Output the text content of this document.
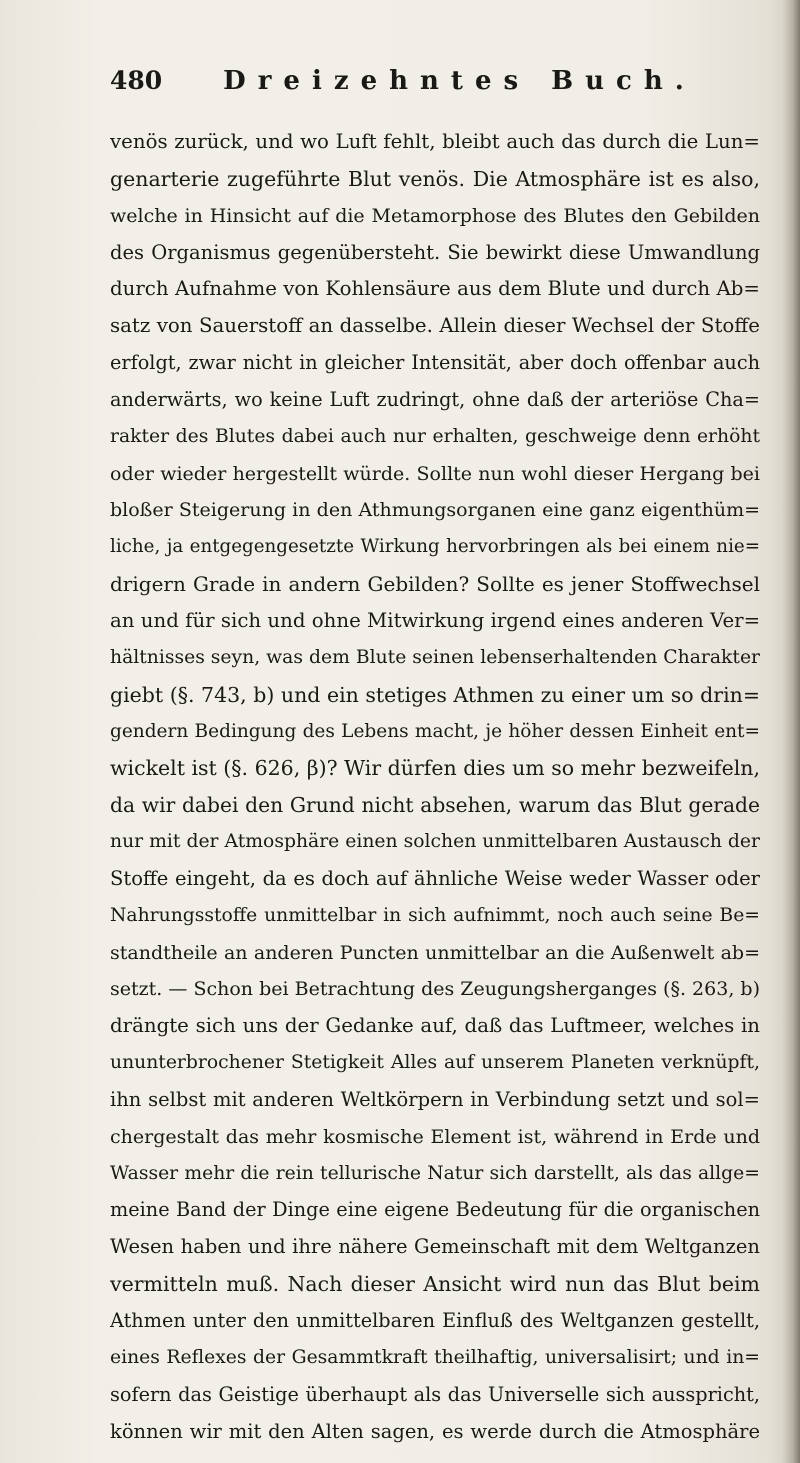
480 Dreizehntes Buch.
venös zurück, und wo Luft fehlt, bleibt auch das durch die Lun=
genarterie zugeführte Blut venös. Die Atmosphäre ist es also,
welche in Hinsicht auf die Metamorphose des Blutes den Gebilden
des Organismus gegenübersteht. Sie bewirkt diese Umwandlung
durch Aufnahme von Kohlensäure aus dem Blute und durch Ab=
satz von Sauerstoff an dasselbe. Allein dieser Wechsel der Stoffe
erfolgt, zwar nicht in gleicher Intensität, aber doch offenbar auch
anderwärts, wo keine Luft zudringt, ohne daß der arteriöse Cha=
rakter des Blutes dabei auch nur erhalten, geschweige denn erhöht
oder wieder hergestellt würde. Sollte nun wohl dieser Hergang bei
bloßer Steigerung in den Athmungsorganen eine ganz eigenthüm=
liche, ja entgegengesetzte Wirkung hervorbringen als bei einem nie=
drigern Grade in andern Gebilden? Sollte es jener Stoffwechsel
an und für sich und ohne Mitwirkung irgend eines anderen Ver=
hältnisses seyn, was dem Blute seinen lebenserhaltenden Charakter
giebt (§. 743, b) und ein stetiges Athmen zu einer um so drin=
gendern Bedingung des Lebens macht, je höher dessen Einheit ent=
wickelt ist (§. 626, β)? Wir dürfen dies um so mehr bezweifeln,
da wir dabei den Grund nicht absehen, warum das Blut gerade
nur mit der Atmosphäre einen solchen unmittelbaren Austausch der
Stoffe eingeht, da es doch auf ähnliche Weise weder Wasser oder
Nahrungsstoffe unmittelbar in sich aufnimmt, noch auch seine Be=
standtheile an anderen Puncten unmittelbar an die Außenwelt ab=
setzt. — Schon bei Betrachtung des Zeugungsherganges (§. 263, b)
drängte sich uns der Gedanke auf, daß das Luftmeer, welches in
ununterbrochener Stetigkeit Alles auf unserem Planeten verknüpft,
ihn selbst mit anderen Weltkörpern in Verbindung setzt und sol=
chergestalt das mehr kosmische Element ist, während in Erde und
Wasser mehr die rein tellurische Natur sich darstellt, als das allge=
meine Band der Dinge eine eigene Bedeutung für die organischen
Wesen haben und ihre nähere Gemeinschaft mit dem Weltganzen
vermitteln muß. Nach dieser Ansicht wird nun das Blut beim
Athmen unter den unmittelbaren Einfluß des Weltganzen gestellt,
eines Reflexes der Gesammtkraft theilhaftig, universalisirt; und in=
sofern das Geistige überhaupt als das Universelle sich ausspricht,
können wir mit den Alten sagen, es werde durch die Atmosphäre
